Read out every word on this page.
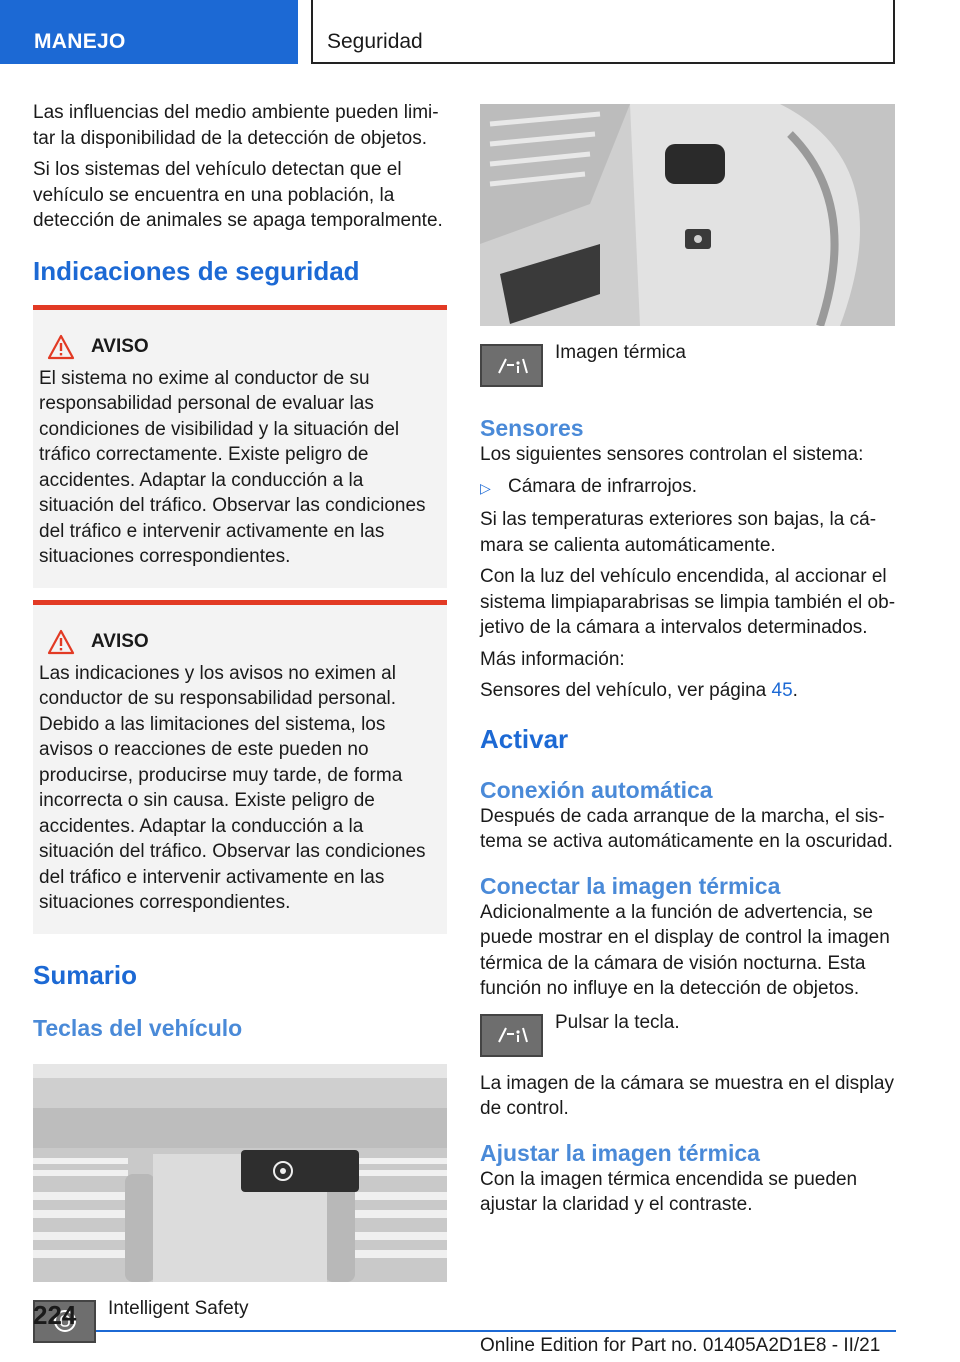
MANEJO	Seguridad

Las influencias del medio ambiente pueden limitar la disponibilidad de la detección de objetos.

Si los sistemas del vehículo detectan que el vehículo se encuentra en una población, la detección de animales se apaga temporalmente.

Indicaciones de seguridad
AVISO

El sistema no exime al conductor de su responsabilidad personal de evaluar las condiciones de visibilidad y la situación del tráfico correctamente. Existe peligro de accidentes. Adaptar la conducción a la situación del tráfico. Observar las condiciones del tráfico e intervenir activamente en las situaciones correspondientes.

AVISO

Las indicaciones y los avisos no eximen al conductor de su responsabilidad personal. Debido a las limitaciones del sistema, los avisos o reacciones de este pueden no producirse, producirse muy tarde, de forma incorrecta o sin causa. Existe peligro de accidentes. Adaptar la conducción a la situación del tráfico. Observar las condiciones del tráfico e intervenir activamente en las situaciones correspondientes.

Sumario
Teclas del vehículo
Intelligent Safety
Imagen térmica
Sensores

Los siguientes sensores controlan el sistema:

▷ Cámara de infrarrojos.

Si las temperaturas exteriores son bajas, la cámara se calienta automáticamente.

Con la luz del vehículo encendida, al accionar el sistema limpiaparabrisas se limpia también el objetivo de la cámara a intervalos determinados.

Más información:

Sensores del vehículo, ver página 45.

Activar
Conexión automática

Después de cada arranque de la marcha, el sistema se activa automáticamente en la oscuridad.

Conectar la imagen térmica

Adicionalmente a la función de advertencia, se puede mostrar en el display de control la imagen térmica de la cámara de visión nocturna. Esta función no influye en la detección de objetos.

Pulsar la tecla.

La imagen de la cámara se muestra en el display de control.

Ajustar la imagen térmica

Con la imagen térmica encendida se pueden ajustar la claridad y el contraste.

224
Online Edition for Part no. 01405A2D1E8 - II/21
